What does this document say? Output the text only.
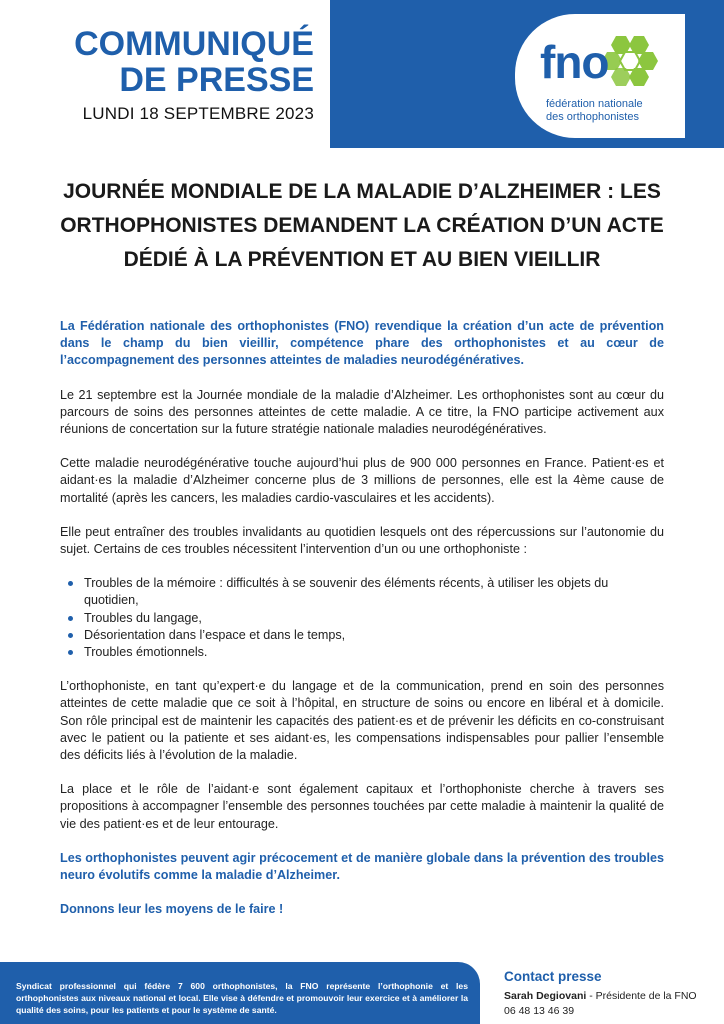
fno
fédération nationale
des orthophonistes
COMMUNIQUÉ
DE PRESSE
LUNDI 18 SEPTEMBRE 2023
JOURNÉE MONDIALE DE LA MALADIE D’ALZHEIMER : LES
ORTHOPHONISTES DEMANDENT LA CRÉATION D’UN ACTE
DÉDIÉ À LA PRÉVENTION ET AU BIEN VIEILLIR

La Fédération nationale des orthophonistes (FNO) revendique la création d’un acte de prévention dans le champ du bien vieillir, compétence phare des orthophonistes et au cœur de l’accompagnement des personnes atteintes de maladies neurodégénératives.

Le 21 septembre est la Journée mondiale de la maladie d’Alzheimer. Les orthophonistes sont au cœur du parcours de soins des personnes atteintes de cette maladie. A ce titre, la FNO participe activement aux réunions de concertation sur la future stratégie nationale maladies neurodégénératives.

Cette maladie neurodégénérative touche aujourd’hui plus de 900 000 personnes en France. Patient·es et aidant·es la maladie d’Alzheimer concerne plus de 3 millions de personnes, elle est la 4ème cause de mortalité (après les cancers, les maladies cardio-vasculaires et les accidents).

Elle peut entraîner des troubles invalidants au quotidien lesquels ont des répercussions sur l’autonomie du sujet. Certains de ces troubles nécessitent l’intervention d’un ou une orthophoniste :

Troubles de la mémoire : difficultés à se souvenir des éléments récents, à utiliser les objets du quotidien,
Troubles du langage,
Désorientation dans l’espace et dans le temps,
Troubles émotionnels.

L’orthophoniste, en tant qu’expert·e du langage et de la communication, prend en soin des personnes atteintes de cette maladie que ce soit à l’hôpital, en structure de soins ou encore en libéral et à domicile. Son rôle principal est de maintenir les capacités des patient·es et de prévenir les déficits en co-construisant avec le patient ou la patiente et ses aidant·es, les compensations indispensables pour pallier l’ensemble des déficits liés à l’évolution de la maladie.

La place et le rôle de l’aidant·e sont également capitaux et l’orthophoniste cherche à travers ses propositions à accompagner l’ensemble des personnes touchées par cette maladie à maintenir la qualité de vie des patient·es et de leur entourage.

Les orthophonistes peuvent agir précocement et de manière globale dans la prévention des troubles neuro évolutifs comme la maladie d’Alzheimer.

Donnons leur les moyens de le faire !

Syndicat professionnel qui fédère 7 600 orthophonistes, la FNO représente l’orthophonie et les orthophonistes aux niveaux national et local. Elle vise à défendre et promouvoir leur exercice et à améliorer la qualité des soins, pour les patients et pour le système de santé.
Contact presse
Sarah Degiovani - Présidente de la FNO
06 48 13 46 39
